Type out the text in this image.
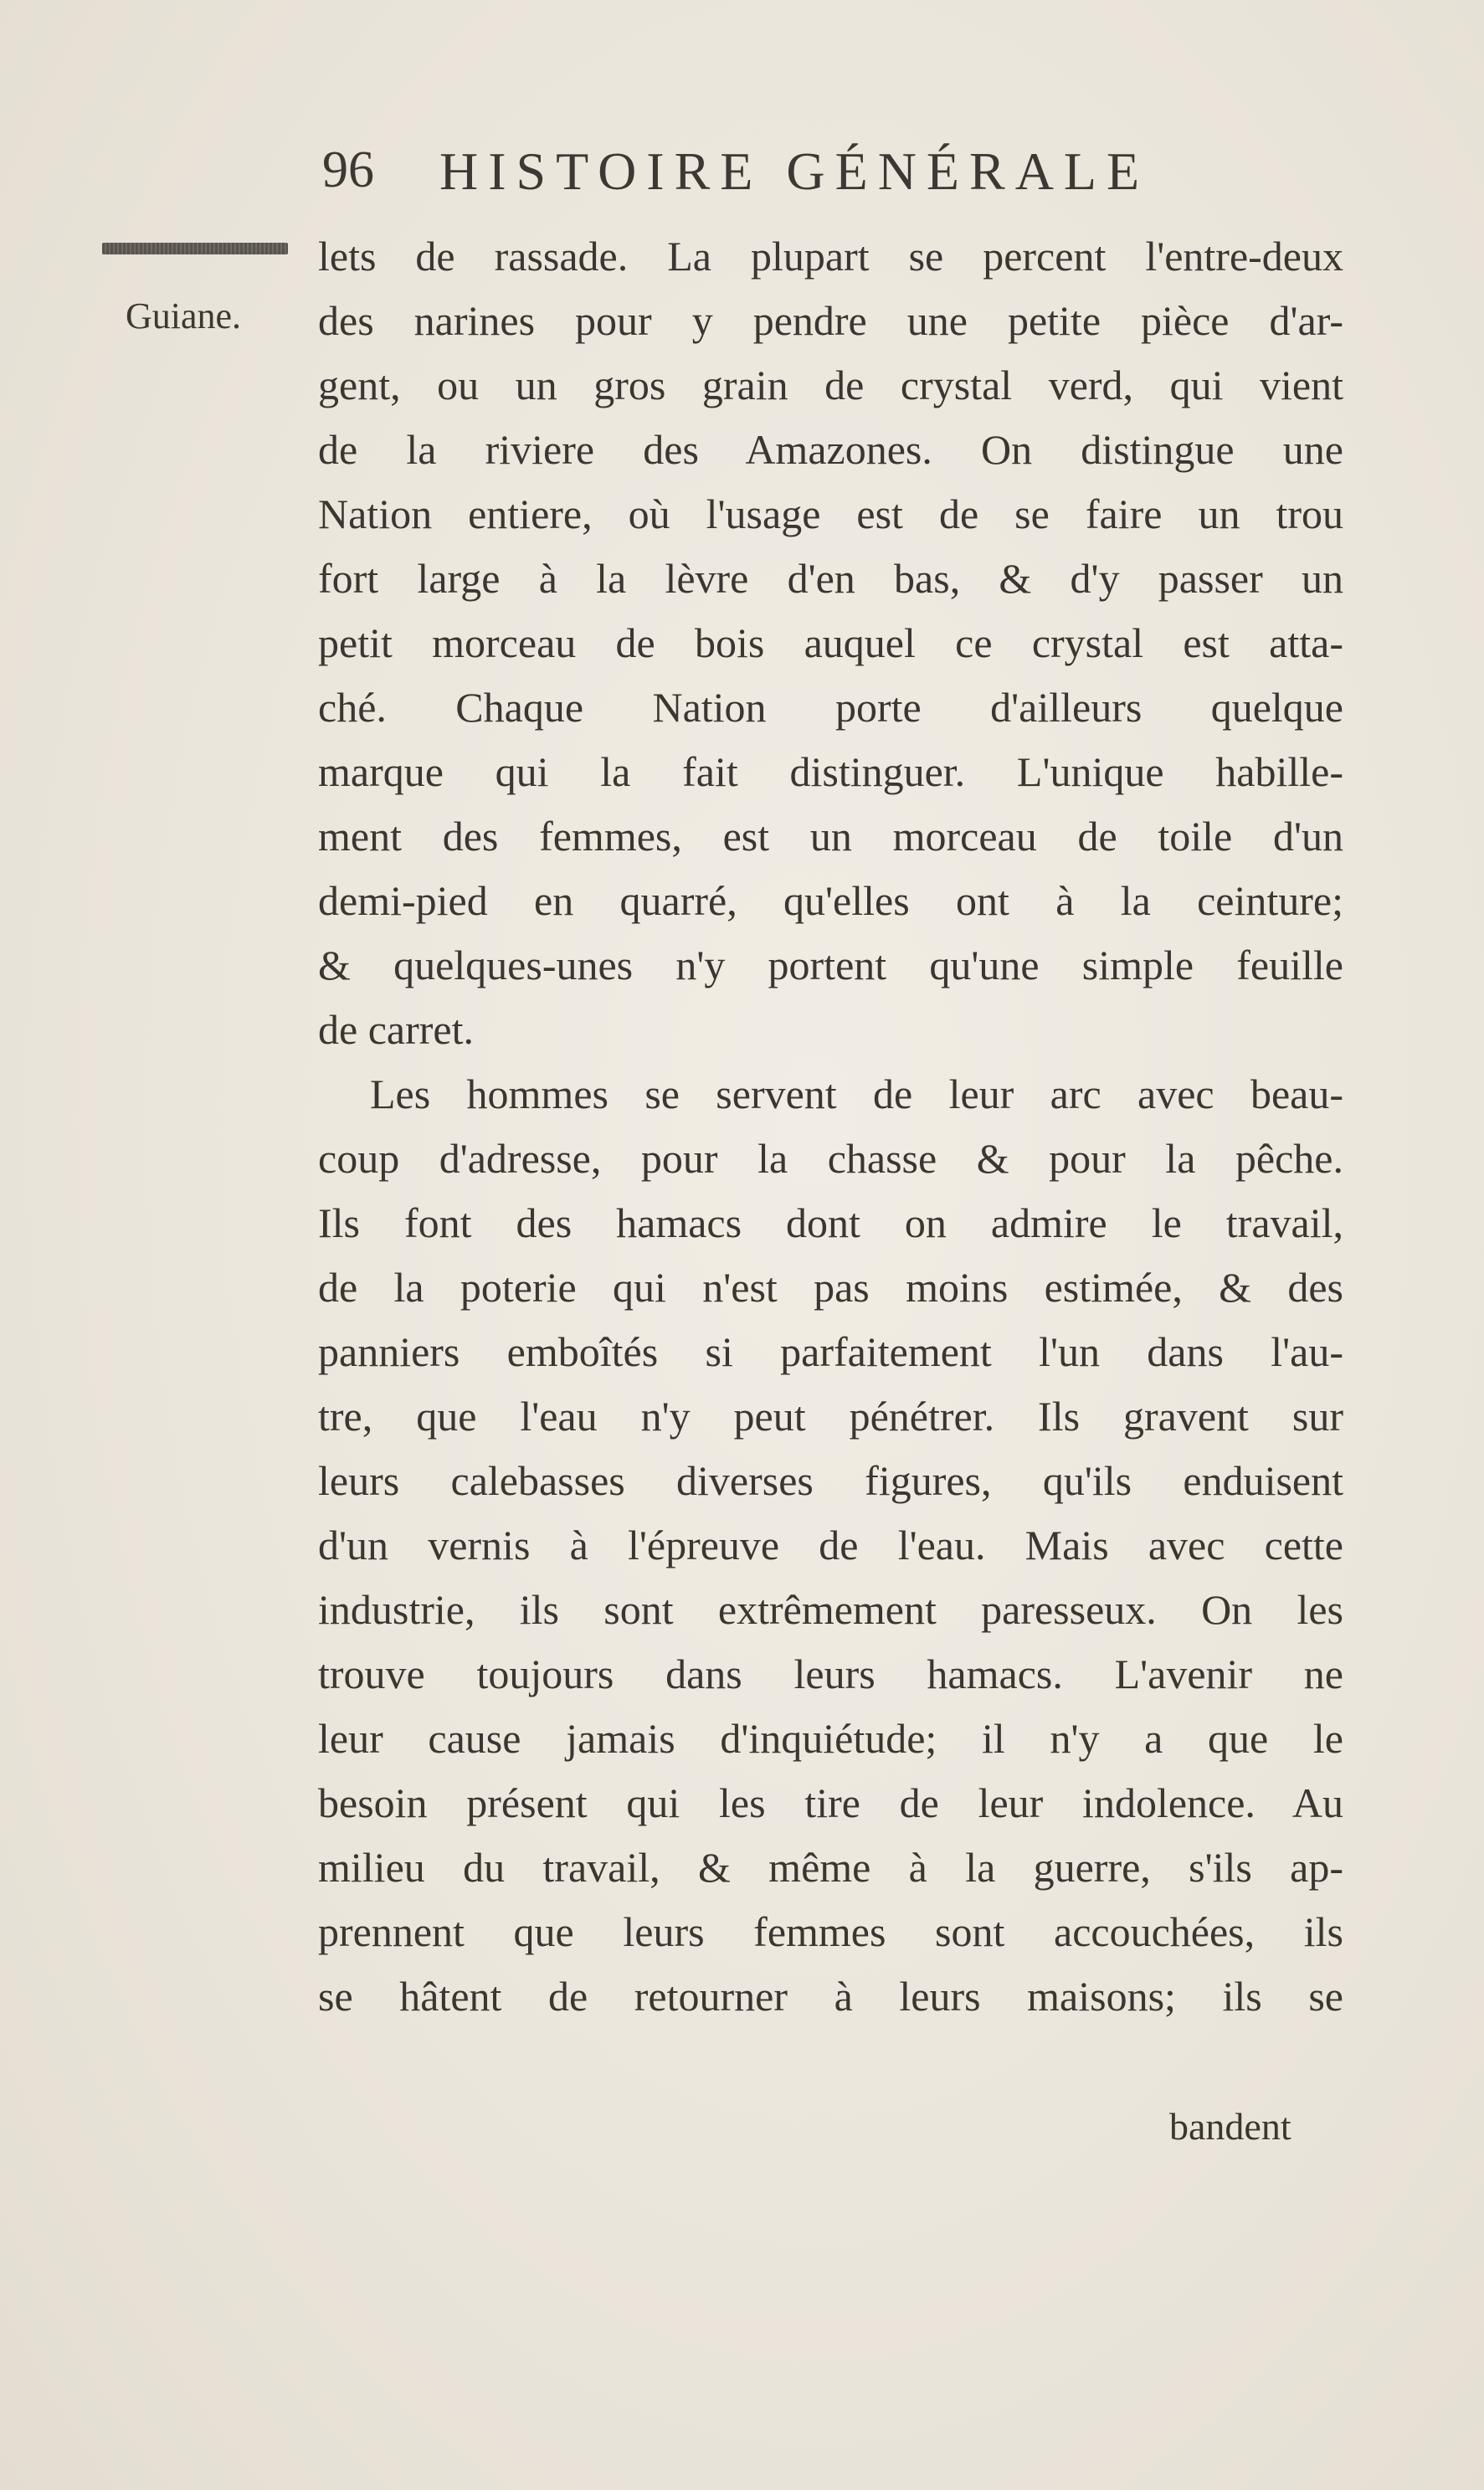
96 HISTOIRE GÉNÉRALE
Guiane.
lets de rassade. La plupart se percent l'entre-deux
des narines pour y pendre une petite pièce d'ar-
gent, ou un gros grain de crystal verd, qui vient
de la riviere des Amazones. On distingue une
Nation entiere, où l'usage est de se faire un trou
fort large à la lèvre d'en bas, & d'y passer un
petit morceau de bois auquel ce crystal est atta-
ché. Chaque Nation porte d'ailleurs quelque
marque qui la fait distinguer. L'unique habille-
ment des femmes, est un morceau de toile d'un
demi-pied en quarré, qu'elles ont à la ceinture;
& quelques-unes n'y portent qu'une simple feuille
de carret.
Les hommes se servent de leur arc avec beau-
coup d'adresse, pour la chasse & pour la pêche.
Ils font des hamacs dont on admire le travail,
de la poterie qui n'est pas moins estimée, & des
panniers emboîtés si parfaitement l'un dans l'au-
tre, que l'eau n'y peut pénétrer. Ils gravent sur
leurs calebasses diverses figures, qu'ils enduisent
d'un vernis à l'épreuve de l'eau. Mais avec cette
industrie, ils sont extrêmement paresseux. On les
trouve toujours dans leurs hamacs. L'avenir ne
leur cause jamais d'inquiétude; il n'y a que le
besoin présent qui les tire de leur indolence. Au
milieu du travail, & même à la guerre, s'ils ap-
prennent que leurs femmes sont accouchées, ils
se hâtent de retourner à leurs maisons; ils se
bandent
